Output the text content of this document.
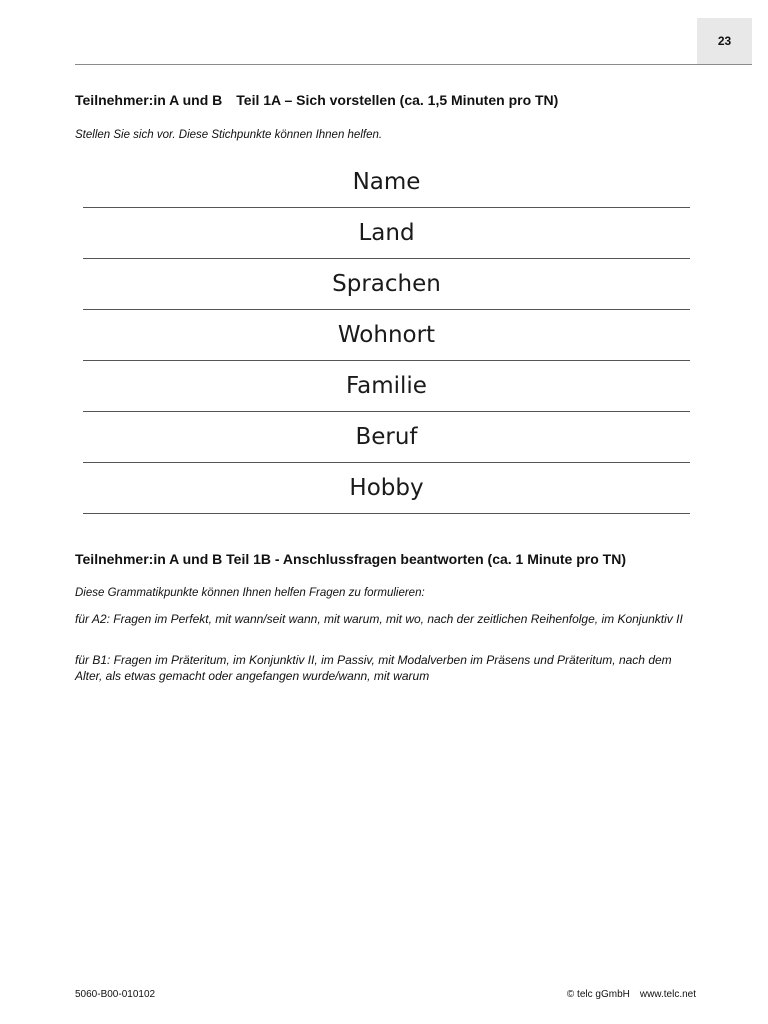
23
Teilnehmer:in A und B Teil 1A – Sich vorstellen (ca. 1,5 Minuten pro TN)
Stellen Sie sich vor. Diese Stichpunkte können Ihnen helfen.
Name
Land
Sprachen
Wohnort
Familie
Beruf
Hobby
Teilnehmer:in A und B Teil 1B - Anschlussfragen beantworten (ca. 1 Minute pro TN)
Diese Grammatikpunkte können Ihnen helfen Fragen zu formulieren:
für A2: Fragen im Perfekt, mit wann/seit wann, mit warum, mit wo, nach der zeitlichen Reihenfolge, im Konjunktiv II
für B1: Fragen im Präteritum, im Konjunktiv II, im Passiv, mit Modalverben im Präsens und Präteritum, nach dem Alter, als etwas gemacht oder angefangen wurde/wann, mit warum
5060-B00-010102	© telc gGmbH www.telc.net
